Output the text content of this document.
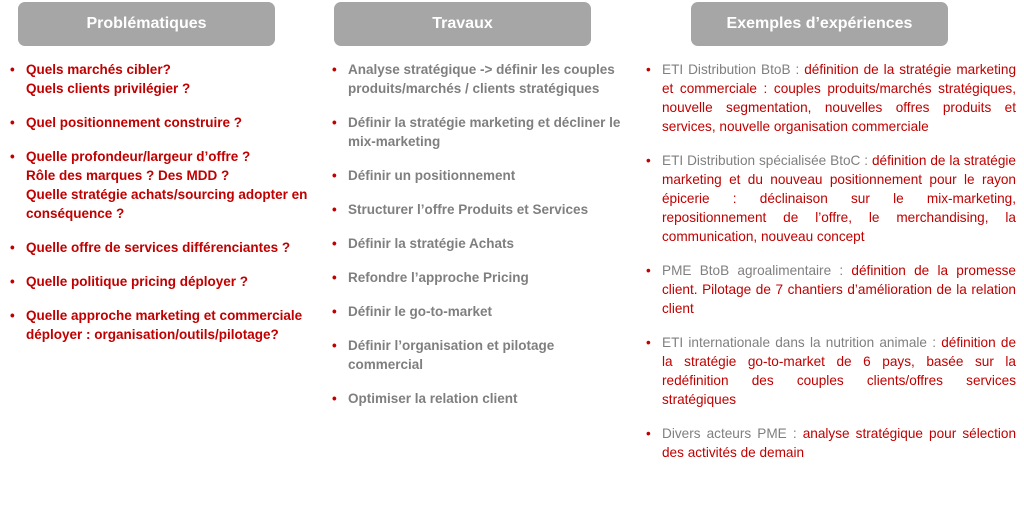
Problématiques	Travaux	Exemples d’expériences
• Quels marchés cibler?
Quels clients privilégier ?
• Quel positionnement construire ?
• Quelle profondeur/largeur d’offre ?
Rôle des marques ? Des MDD ?
Quelle stratégie achats/sourcing adopter en conséquence ?
• Quelle offre de services différenciantes ?
• Quelle politique pricing déployer ?
• Quelle approche marketing et commerciale déployer : organisation/outils/pilotage?
• Analyse stratégique -> définir les couples produits/marchés / clients stratégiques
• Définir la stratégie marketing et décliner le mix-marketing
• Définir un positionnement
• Structurer l’offre Produits et Services
• Définir la stratégie Achats
• Refondre l’approche Pricing
• Définir le go-to-market
• Définir l’organisation et pilotage commercial
• Optimiser la relation client
• ETI Distribution BtoB : définition de la stratégie marketing et commerciale : couples produits/marchés stratégiques, nouvelle segmentation, nouvelles offres produits et services, nouvelle organisation commerciale
• ETI Distribution spécialisée BtoC : définition de la stratégie marketing et du nouveau positionnement pour le rayon épicerie : déclinaison sur le mix-marketing, repositionnement de l’offre, le merchandising, la communication, nouveau concept
• PME BtoB agroalimentaire : définition de la promesse client. Pilotage de 7 chantiers d’amélioration de la relation client
• ETI internationale dans la nutrition animale : définition de la stratégie go-to-market de 6 pays, basée sur la redéfinition des couples clients/offres services stratégiques
• Divers acteurs PME : analyse stratégique pour sélection des activités de demain
